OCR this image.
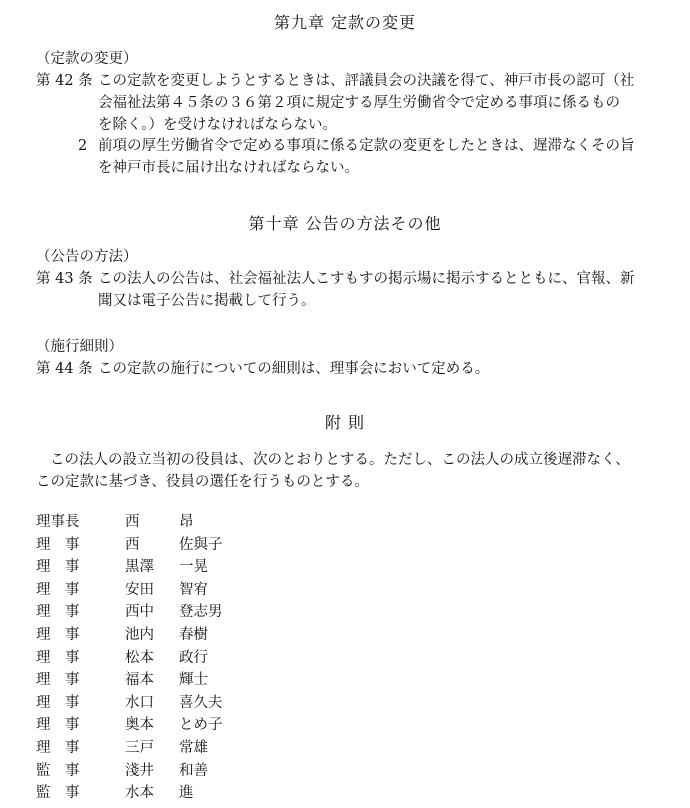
第九章 定款の変更
（定款の変更）
第 42 条 この定款を変更しようとするときは、評議員会の決議を得て、神戸市長の認可（社
会福祉法第４５条の３６第２項に規定する厚生労働省令で定める事項に係るもの
を除く。）を受けなければならない。
2 前項の厚生労働省令で定める事項に係る定款の変更をしたときは、遅滞なくその旨
を神戸市長に届け出なければならない。
第十章 公告の方法その他
（公告の方法）
第 43 条 この法人の公告は、社会福祉法人こすもすの掲示場に掲示するとともに、官報、新
聞又は電子公告に掲載して行う。
（施行細則）
第 44 条 この定款の施行についての細則は、理事会において定める。
附 則
この法人の設立当初の役員は、次のとおりとする。ただし、この法人の成立後遅滞なく、
この定款に基づき、役員の選任を行うものとする。
理事長	西	昂
理　事	西	佐與子
理　事	黒澤 一晃
理　事	安田 智宥
理　事	西中 登志男
理　事	池内 春樹
理　事	松本 政行
理　事	福本 輝士
理　事	水口 喜久夫
理　事	奥本 とめ子
理　事	三戸 常雄
監　事	淺井 和善
監　事	水本 進
